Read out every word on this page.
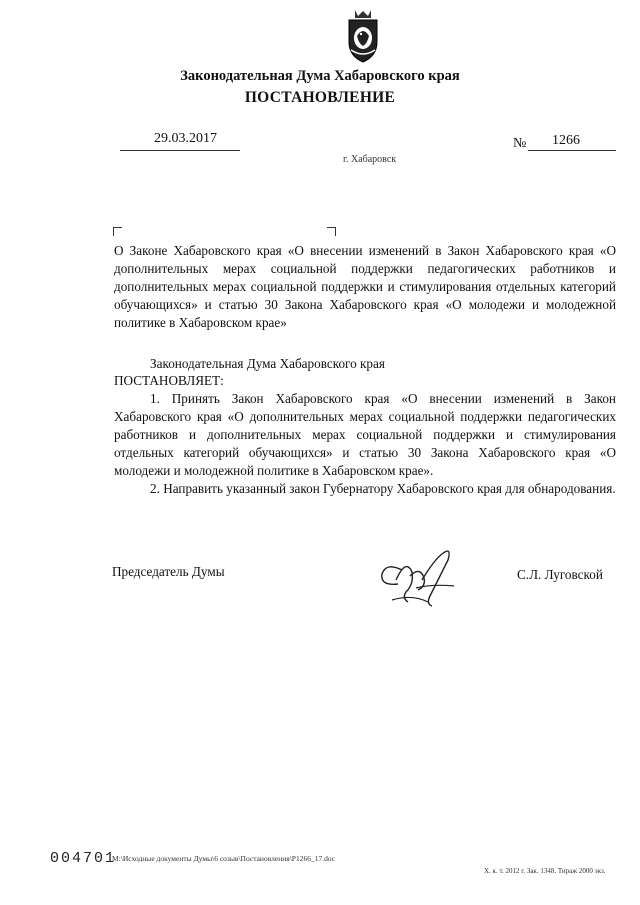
Законодательная Дума Хабаровского края
ПОСТАНОВЛЕНИЕ
29.03.2017	№ 1266
г. Хабаровск

О Законе Хабаровского края «О внесении изменений в Закон Хабаровского края «О дополнительных мерах социальной поддержки педагогических работников и дополнительных мерах социальной поддержки и стимулирования отдельных категорий обучающихся» и статью 30 Закона Хабаровского края «О молодежи и молодежной политике в Хабаровском крае»

Законодательная Дума Хабаровского края
ПОСТАНОВЛЯЕТ:

1. Принять Закон Хабаровского края «О внесении изменений в Закон Хабаровского края «О дополнительных мерах социальной поддержки педагогических работников и дополнительных мерах социальной поддержки и стимулирования отдельных категорий обучающихся» и статью 30 Закона Хабаровского края «О молодежи и молодежной политике в Хабаровском крае».

2. Направить указанный закон Губернатору Хабаровского края для обнародования.

Председатель Думы	С.Л. Луговской
004701
M:\Исходные документы Думы\6 созыв\Постановления\P1266_17.doc
Х. к. т. 2012 г. Зак. 1348. Тираж 2000 экз.
